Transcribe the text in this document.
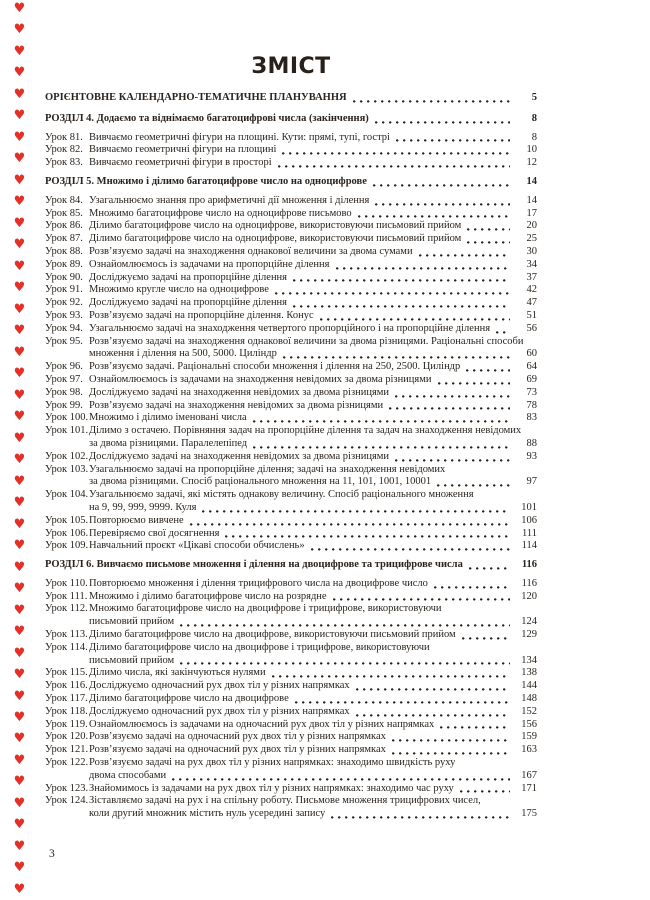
♥
♥
♥
♥
♥
♥
♥
♥
♥
♥
♥
♥
♥
♥
♥
♥
♥
♥
♥
♥
♥
♥
♥
♥
♥
♥
♥
♥
♥
♥
♥
♥
♥
♥
♥
♥
♥
♥
♥
♥
♥
♥
ЗМІСТ
ОРІЄНТОВНЕ КАЛЕНДАРНО-ТЕМАТИЧНЕ ПЛАНУВАННЯ	5
РОЗДІЛ 4. Додаємо та віднімаємо багатоцифрові числа (закінчення)	8
Урок 81. Вивчаємо геометричні фігури на площині. Кути: прямі, тупі, гострі	8
Урок 82. Вивчаємо геометричні фігури на площині	10
Урок 83. Вивчаємо геометричні фігури в просторі	12
РОЗДІЛ 5. Множимо і ділимо багатоцифрове число на одноцифрове	14
Урок 84. Узагальнюємо знання про арифметичні дії множення і ділення	14
Урок 85. Множимо багатоцифрове число на одноцифрове письмово	17
Урок 86. Ділимо багатоцифрове число на одноцифрове, використовуючи письмовий прийом	20
Урок 87. Ділимо багатоцифрове число на одноцифрове, використовуючи письмовий прийом	25
Урок 88. Розв’язуємо задачі на знаходження однакової величини за двома сумами	30
Урок 89. Ознайомлюємось із задачами на пропорційне ділення	34
Урок 90. Досліджуємо задачі на пропорційне ділення	37
Урок 91. Множимо кругле число на одноцифрове	42
Урок 92. Досліджуємо задачі на пропорційне ділення	47
Урок 93. Розв’язуємо задачі на пропорційне ділення. Конус	51
Урок 94. Узагальнюємо задачі на знаходження четвертого пропорційного і на пропорційне ділення	56
Урок 95. Розв’язуємо задачі на знаходження однакової величини за двома різницями. Раціональні способи
множення і ділення на 500, 5000. Циліндр	60
Урок 96. Розв’язуємо задачі. Раціональні способи множення і ділення на 250, 2500. Циліндр	64
Урок 97. Ознайомлюємось із задачами на знаходження невідомих за двома різницями	69
Урок 98. Досліджуємо задачі на знаходження невідомих за двома різницями	73
Урок 99. Розв’язуємо задачі на знаходження невідомих за двома різницями	78
Урок 100. Множимо і ділимо іменовані числа	83
Урок 101. Ділимо з остачею. Порівняння задач на пропорційне ділення та задач на знаходження невідомих
за двома різницями. Паралелепіпед	88
Урок 102. Досліджуємо задачі на знаходження невідомих за двома різницями	93
Урок 103. Узагальнюємо задачі на пропорційне ділення; задачі на знаходження невідомих
за двома різницями. Спосіб раціонального множення на 11, 101, 1001, 10001	97
Урок 104. Узагальнюємо задачі, які містять однакову величину. Спосіб раціонального множення
на 9, 99, 999, 9999. Куля	101
Урок 105. Повторюємо вивчене	106
Урок 106. Перевіряємо свої досягнення	111
Урок 109. Навчальний проєкт «Цікаві способи обчислень»	114
РОЗДІЛ 6. Вивчаємо письмове множення і ділення на двоцифрове та трицифрове числа	116
Урок 110. Повторюємо множення і ділення трицифрового числа на двоцифрове число	116
Урок 111. Множимо і ділимо багатоцифрове число на розрядне	120
Урок 112. Множимо багатоцифрове число на двоцифрове і трицифрове, використовуючи
письмовий прийом	124
Урок 113. Ділимо багатоцифрове число на двоцифрове, використовуючи письмовий прийом	129
Урок 114. Ділимо багатоцифрове число на двоцифрове і трицифрове, використовуючи
письмовий прийом	134
Урок 115. Ділимо числа, які закінчуються нулями	138
Урок 116. Досліджуємо одночасний рух двох тіл у різних напрямках	144
Урок 117. Ділимо багатоцифрове число на двоцифрове	148
Урок 118. Досліджуємо одночасний рух двох тіл у різних напрямках	152
Урок 119. Ознайомлюємось із задачами на одночасний рух двох тіл у різних напрямках	156
Урок 120. Розв’язуємо задачі на одночасний рух двох тіл у різних напрямках	159
Урок 121. Розв’язуємо задачі на одночасний рух двох тіл у різних напрямках	163
Урок 122. Розв’язуємо задачі на рух двох тіл у різних напрямках: знаходимо швидкість руху
двома способами	167
Урок 123. Знайомимось із задачами на рух двох тіл у різних напрямках: знаходимо час руху	171
Урок 124. Зіставляємо задачі на рух і на спільну роботу. Письмове множення трицифрових чисел,
коли другий множник містить нуль усередині запису	175
3
